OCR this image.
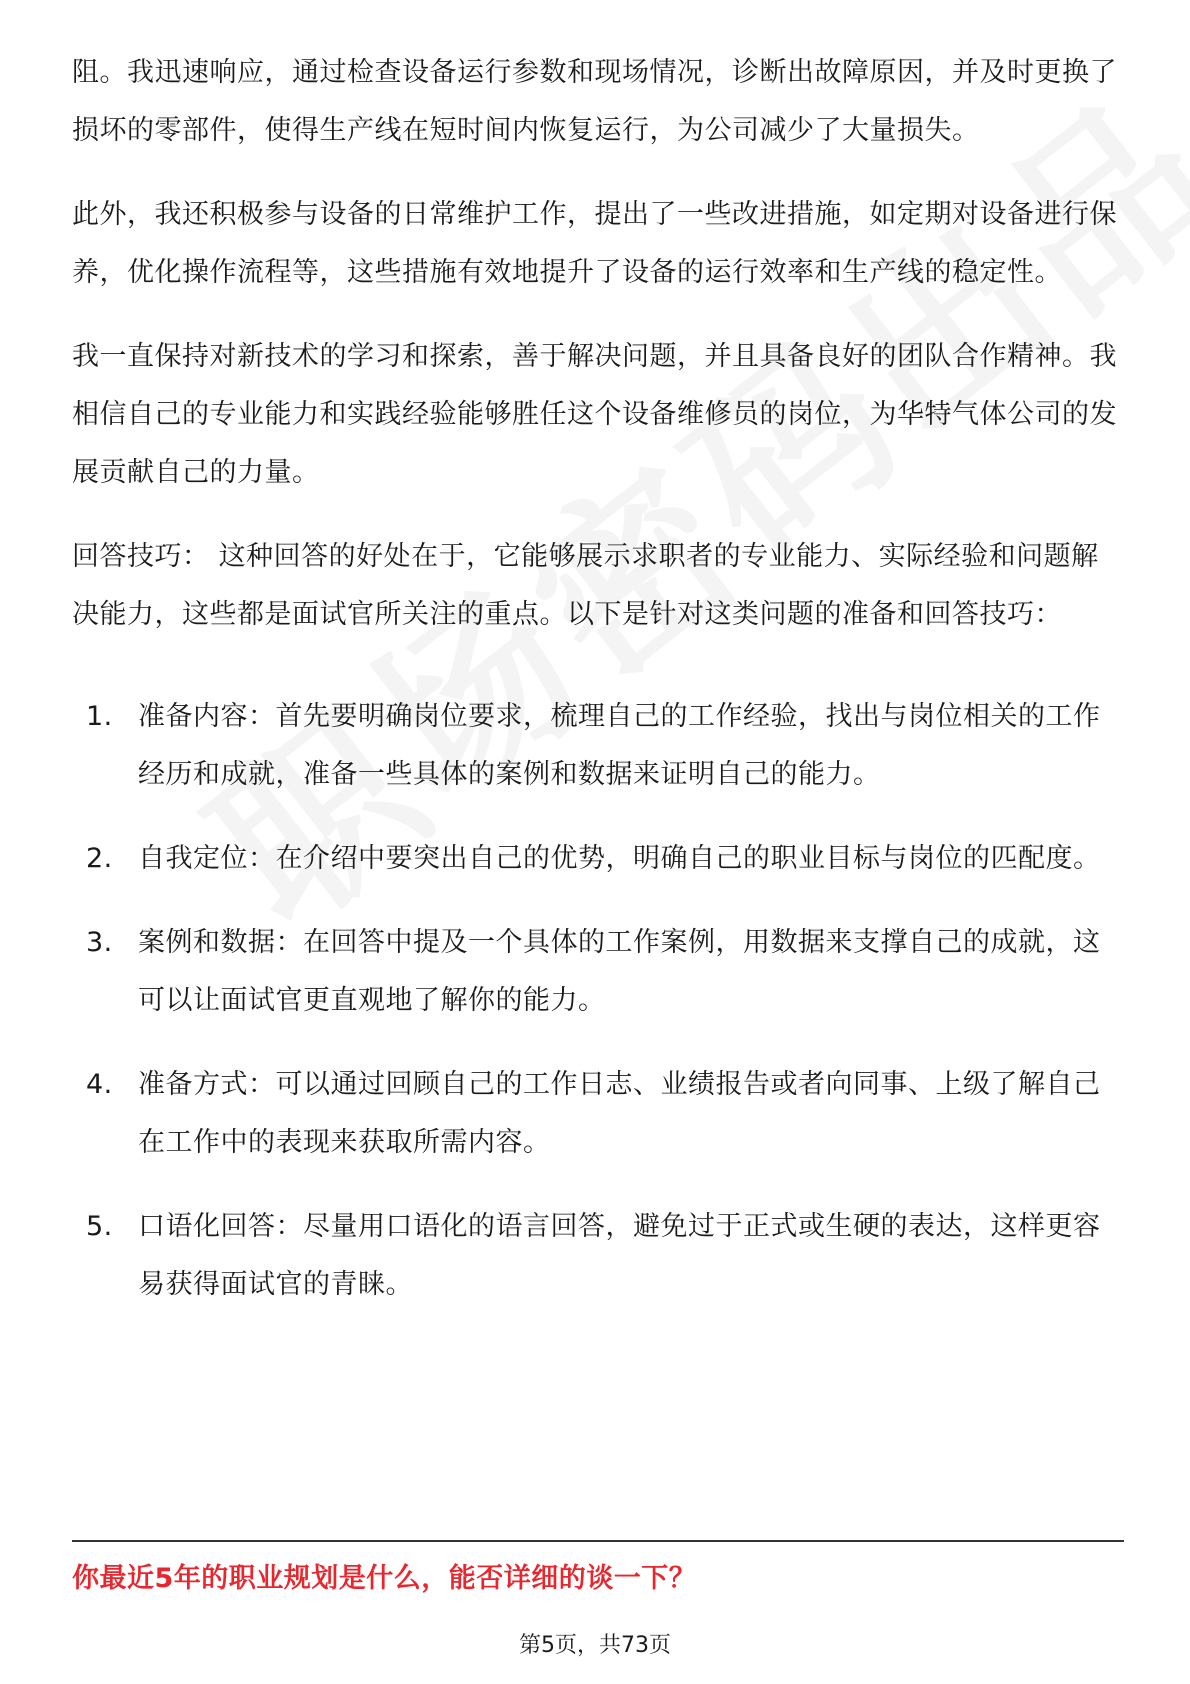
阻。我迅速响应，通过检查设备运行参数和现场情况，诊断出故障原因，并及时更换了损坏的零部件，使得生产线在短时间内恢复运行，为公司减少了大量损失。

此外，我还积极参与设备的日常维护工作，提出了一些改进措施，如定期对设备进行保养，优化操作流程等，这些措施有效地提升了设备的运行效率和生产线的稳定性。

我一直保持对新技术的学习和探索，善于解决问题，并且具备良好的团队合作精神。我相信自己的专业能力和实践经验能够胜任这个设备维修员的岗位，为华特气体公司的发展贡献自己的力量。

回答技巧： 这种回答的好处在于，它能够展示求职者的专业能力、实际经验和问题解决能力，这些都是面试官所关注的重点。以下是针对这类问题的准备和回答技巧：

1. 准备内容：首先要明确岗位要求，梳理自己的工作经验，找出与岗位相关的工作经历和成就，准备一些具体的案例和数据来证明自己的能力。
2. 自我定位：在介绍中要突出自己的优势，明确自己的职业目标与岗位的匹配度。
3. 案例和数据：在回答中提及一个具体的工作案例，用数据来支撑自己的成就，这可以让面试官更直观地了解你的能力。
4. 准备方式：可以通过回顾自己的工作日志、业绩报告或者向同事、上级了解自己在工作中的表现来获取所需内容。
5. 口语化回答：尽量用口语化的语言回答，避免过于正式或生硬的表达，这样更容易获得面试官的青睐。
你最近5年的职业规划是什么，能否详细的谈一下？
第5页，共73页
